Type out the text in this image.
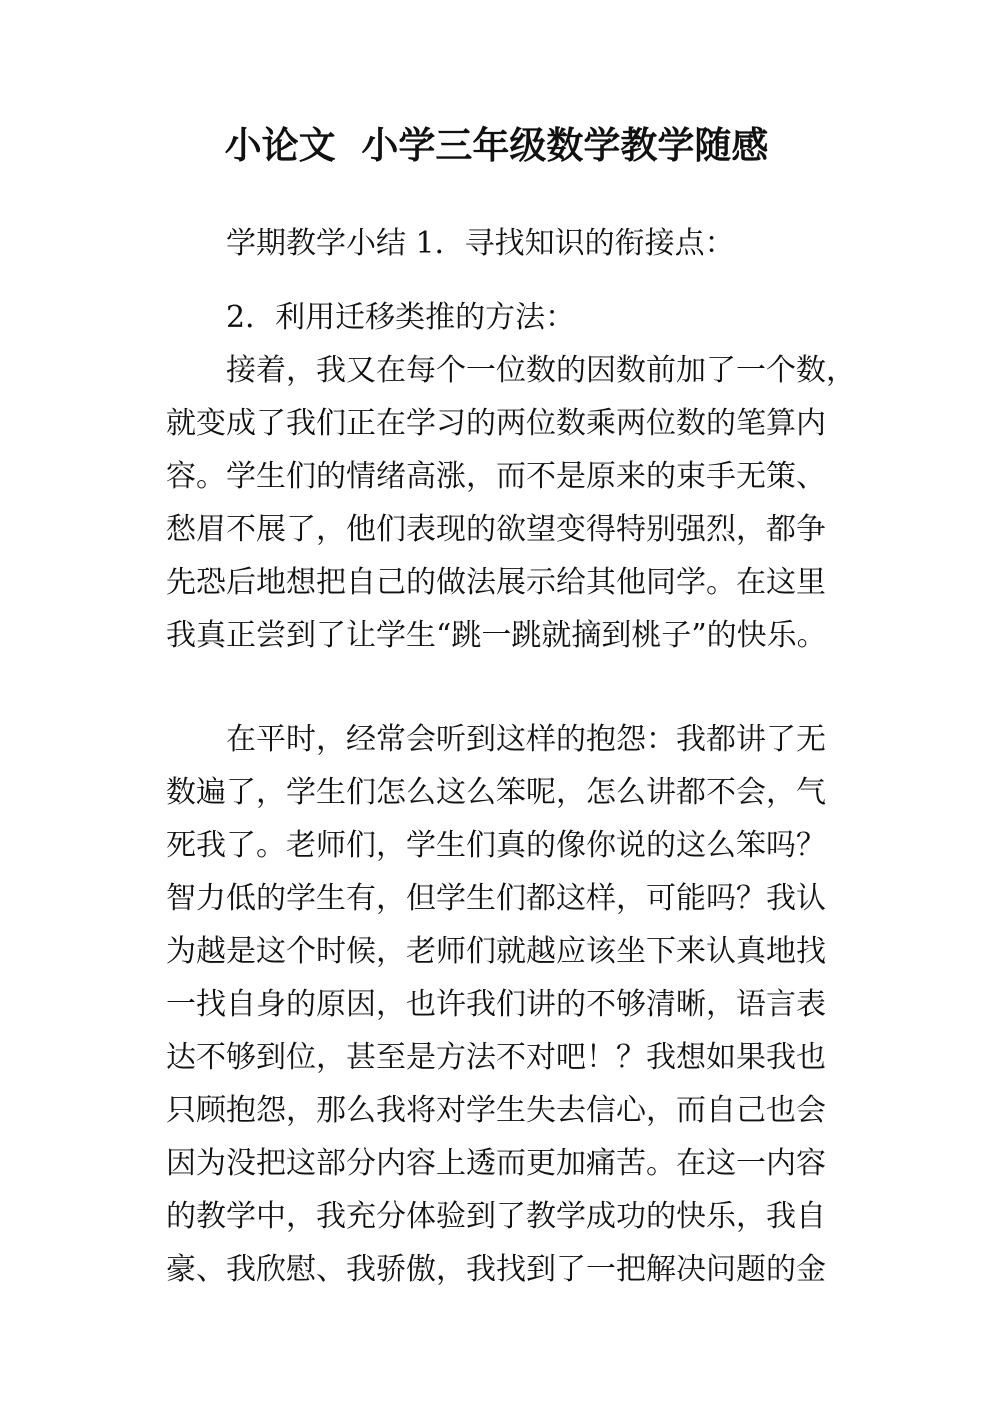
小论文  小学三年级数学教学随感
学期教学小结 1．寻找知识的衔接点：
2．利用迁移类推的方法：
接着，我又在每个一位数的因数前加了一个数，
就变成了我们正在学习的两位数乘两位数的笔算内
容。学生们的情绪高涨，而不是原来的束手无策、
愁眉不展了，他们表现的欲望变得特别强烈，都争
先恐后地想把自己的做法展示给其他同学。在这里
我真正尝到了让学生“跳一跳就摘到桃子”的快乐。
在平时，经常会听到这样的抱怨：我都讲了无
数遍了，学生们怎么这么笨呢，怎么讲都不会，气
死我了。老师们，学生们真的像你说的这么笨吗？
智力低的学生有，但学生们都这样，可能吗？我认
为越是这个时候，老师们就越应该坐下来认真地找
一找自身的原因，也许我们讲的不够清晰，语言表
达不够到位，甚至是方法不对吧！？我想如果我也
只顾抱怨，那么我将对学生失去信心，而自己也会
因为没把这部分内容上透而更加痛苦。在这一内容
的教学中，我充分体验到了教学成功的快乐，我自
豪、我欣慰、我骄傲，我找到了一把解决问题的金
